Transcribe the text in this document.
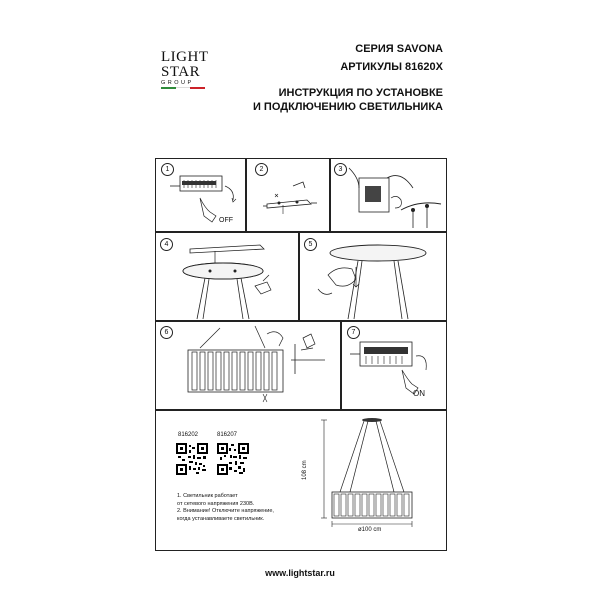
LIGHT
STAR
GROUP
СЕРИЯ SAVONA
АРТИКУЛЫ 81620X
ИНСТРУКЦИЯ ПО УСТАНОВКЕ
И ПОДКЛЮЧЕНИЮ СВЕТИЛЬНИКА
1	2	3
4	5
6	7
OFF
ON
816202	816207
1. Светильник работает
от сетевого напряжения 230В.
2. Внимание! Отключите напряжение,
когда устанавливаете светильник.
108 cm
ø100 cm
www.lightstar.ru
